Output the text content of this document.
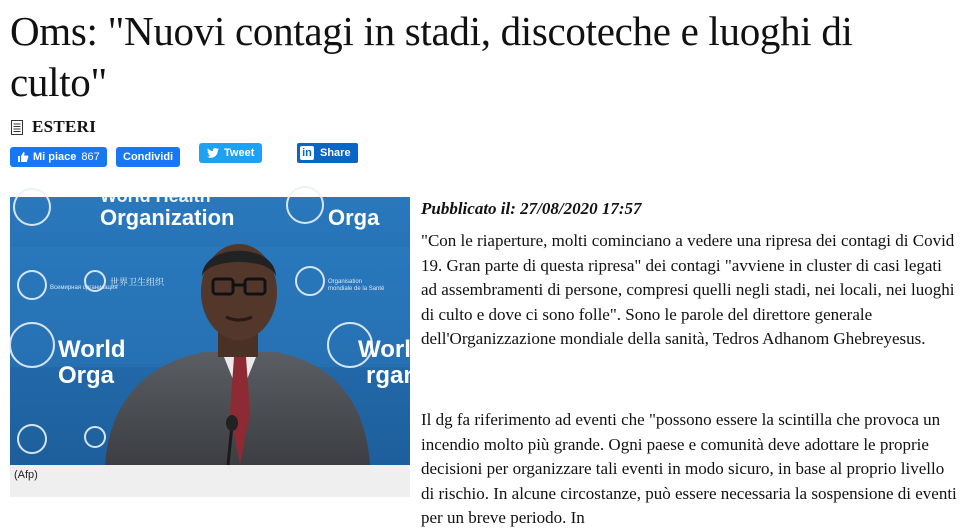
Oms: "Nuovi contagi in stadi, discoteche e luoghi di culto"
ESTERI
Mi piace 867 Condividi	Tweet	in Share
Organization
World Health
Orga
世界卫生组织
Всемирная организация
Organisation
mondiale de la Santé
World
Orga
World
rgan
(Afp)
Pubblicato il: 27/08/2020 17:57

"Con le riaperture, molti cominciano a vedere una ripresa dei contagi di Covid 19. Gran parte di questa ripresa" dei contagi "avviene in cluster di casi legati ad assembramenti di persone, compresi quelli negli stadi, nei locali, nei luoghi di culto e dove ci sono folle". Sono le parole del direttore generale dell'Organizzazione mondiale della sanità, Tedros Adhanom Ghebreyesus.

Il dg fa riferimento ad eventi che "possono essere la scintilla che provoca un incendio molto più grande. Ogni paese e comunità deve adottare le proprie decisioni per organizzare tali eventi in modo sicuro, in base al proprio livello di rischio. In alcune circostanze, può essere necessaria la sospensione di eventi per un breve periodo. In
